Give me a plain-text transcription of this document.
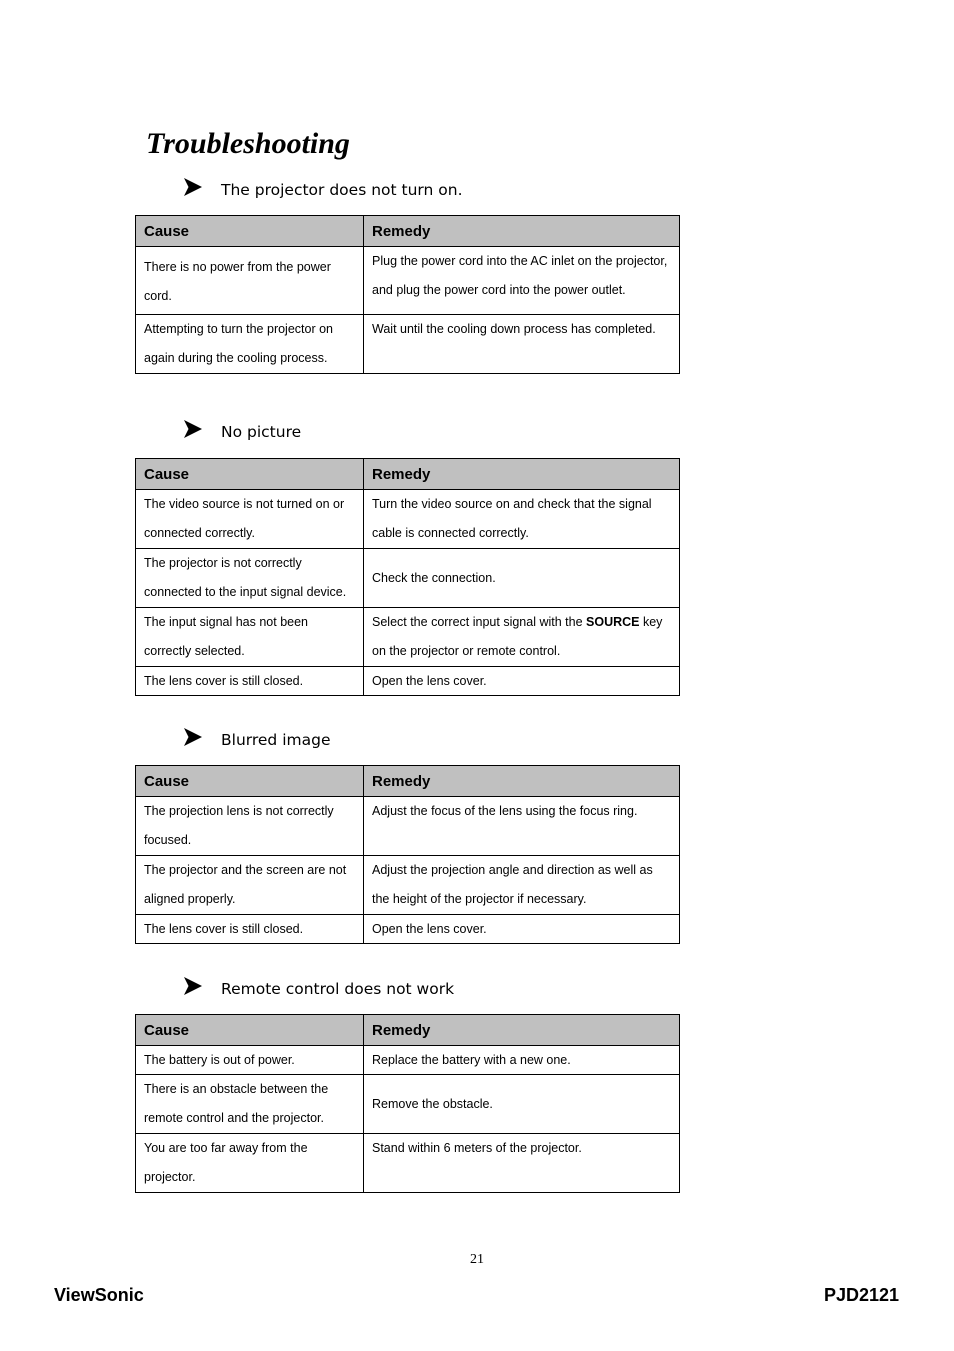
Troubleshooting
The projector does not turn on.
Cause	Remedy
There is no power from the power cord.	Plug the power cord into the AC inlet on the projector, and plug the power cord into the power outlet.
Attempting to turn the projector on again during the cooling process.	Wait until the cooling down process has completed.
No picture
Cause	Remedy
The video source is not turned on or connected correctly.	Turn the video source on and check that the signal cable is connected correctly.
The projector is not correctly connected to the input signal device.	Check the connection.
The input signal has not been correctly selected.	Select the correct input signal with the SOURCE key on the projector or remote control.
The lens cover is still closed.	Open the lens cover.
Blurred image
Cause	Remedy
The projection lens is not correctly focused.	Adjust the focus of the lens using the focus ring.
The projector and the screen are not aligned properly.	Adjust the projection angle and direction as well as the height of the projector if necessary.
The lens cover is still closed.	Open the lens cover.
Remote control does not work
Cause	Remedy
The battery is out of power.	Replace the battery with a new one.
There is an obstacle between the remote control and the projector.	Remove the obstacle.
You are too far away from the projector.	Stand within 6 meters of the projector.
21
ViewSonic	PJD2121
